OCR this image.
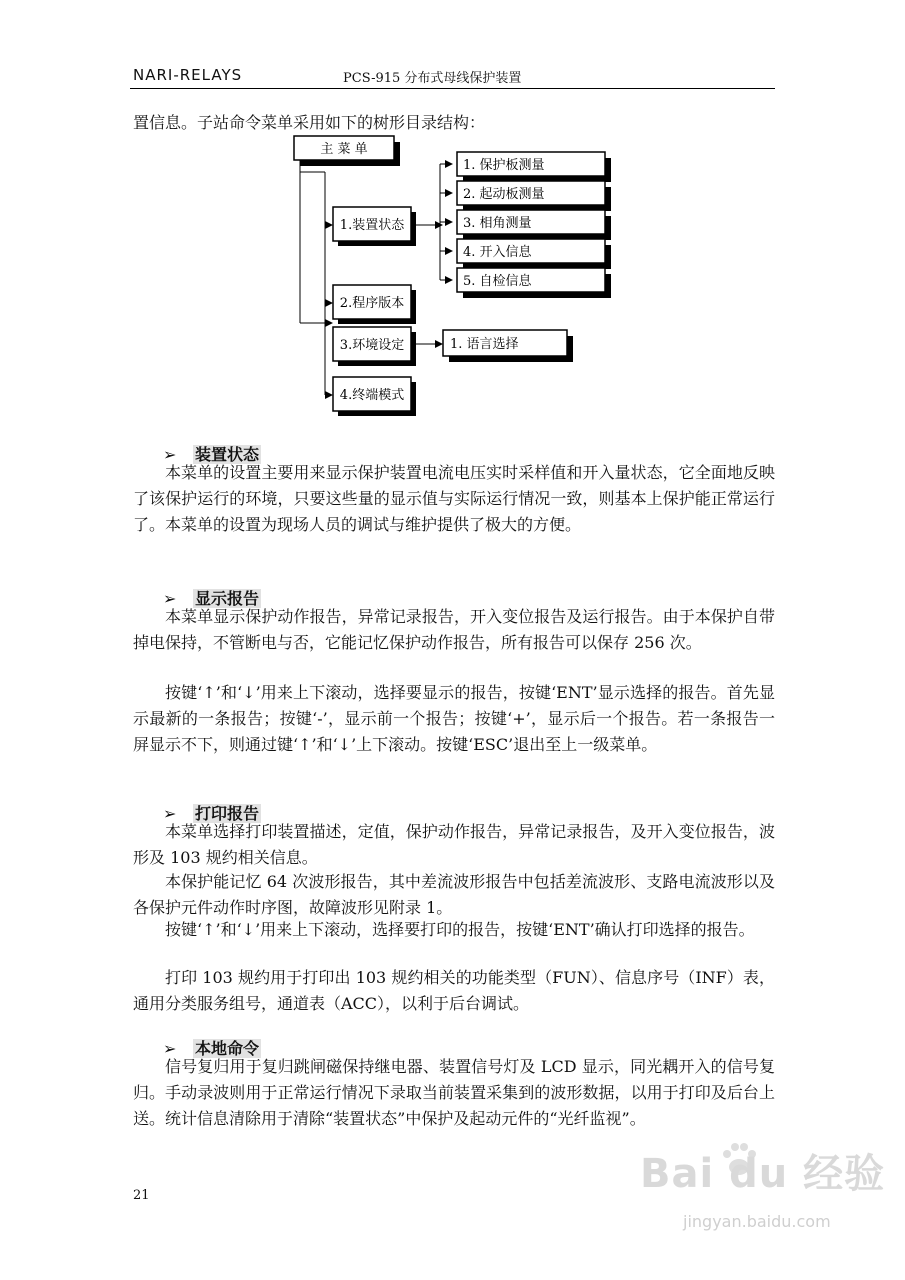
NARI-RELAYS	PCS-915 分布式母线保护装置
置信息。子站命令菜单采用如下的树形目录结构：
主 菜 单
1.装置状态
2.程序版本
3.环境设定
4.终端模式
1. 保护板测量
2. 起动板测量
3. 相角测量
4. 开入信息
5. 自检信息
1. 语言选择
➢ 装置状态
本菜单的设置主要用来显示保护装置电流电压实时采样值和开入量状态，它全面地反映了该保护运行的环境，只要这些量的显示值与实际运行情况一致，则基本上保护能正常运行了。本菜单的设置为现场人员的调试与维护提供了极大的方便。
➢ 显示报告
本菜单显示保护动作报告，异常记录报告，开入变位报告及运行报告。由于本保护自带掉电保持，不管断电与否，它能记忆保护动作报告，所有报告可以保存 256 次。
按键‘↑’和‘↓’用来上下滚动，选择要显示的报告，按键‘ENT’显示选择的报告。首先显示最新的一条报告；按键‘-’，显示前一个报告；按键‘+’，显示后一个报告。若一条报告一屏显示不下，则通过键‘↑’和‘↓’上下滚动。按键‘ESC’退出至上一级菜单。
➢ 打印报告
本菜单选择打印装置描述，定值，保护动作报告，异常记录报告，及开入变位报告，波形及 103 规约相关信息。
本保护能记忆 64 次波形报告，其中差流波形报告中包括差流波形、支路电流波形以及各保护元件动作时序图，故障波形见附录 1。
按键‘↑’和‘↓’用来上下滚动，选择要打印的报告，按键‘ENT’确认打印选择的报告。
打印 103 规约用于打印出 103 规约相关的功能类型（FUN）、信息序号（INF）表，通用分类服务组号，通道表（ACC），以利于后台调试。
➢ 本地命令
信号复归用于复归跳闸磁保持继电器、装置信号灯及 LCD 显示，同光耦开入的信号复归。手动录波则用于正常运行情况下录取当前装置采集到的波形数据，以用于打印及后台上送。统计信息清除用于清除“装置状态”中保护及起动元件的“光纤监视”。
21	Bai du 经验
jingyan.baidu.com
